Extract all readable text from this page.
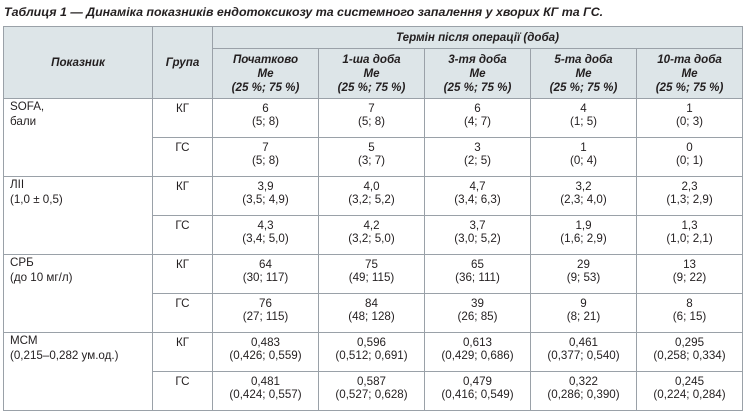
Таблиця 1 — Динаміка показників ендотоксикозу та системного запалення у хворих КГ та ГС.
Показник	Група	Термін після операції (доба)				

		Початково
Me
(25 %; 75 %)	1-ша доба
Me
(25 %; 75 %)	3-тя доба
Me
(25 %; 75 %)	5-та доба
Me
(25 %; 75 %)	10-та доба
Me
(25 %; 75 %)

SOFA,
бали	КГ	6
(5; 8)	7
(5; 8)	6
(4; 7)	4
(1; 5)	1
(0; 3)

	ГС	7
(5; 8)	5
(3; 7)	3
(2; 5)	1
(0; 4)	0
(0; 1)

ЛІІ
(1,0 ± 0,5)	КГ	3,9
(3,5; 4,9)	4,0
(3,2; 5,2)	4,7
(3,4; 6,3)	3,2
(2,3; 4,0)	2,3
(1,3; 2,9)

	ГС	4,3
(3,4; 5,0)	4,2
(3,2; 5,0)	3,7
(3,0; 5,2)	1,9
(1,6; 2,9)	1,3
(1,0; 2,1)

СРБ
(до 10 мг/л)	КГ	64
(30; 117)	75
(49; 115)	65
(36; 111)	29
(9; 53)	13
(9; 22)

	ГС	76
(27; 115)	84
(48; 128)	39
(26; 85)	9
(8; 21)	8
(6; 15)

МСМ
(0,215–0,282 ум.од.)	КГ	0,483
(0,426; 0,559)	0,596
(0,512; 0,691)	0,613
(0,429; 0,686)	0,461
(0,377; 0,540)	0,295
(0,258; 0,334)

	ГС	0,481
(0,424; 0,557)	0,587
(0,527; 0,628)	0,479
(0,416; 0,549)	0,322
(0,286; 0,390)	0,245
(0,224; 0,284)
